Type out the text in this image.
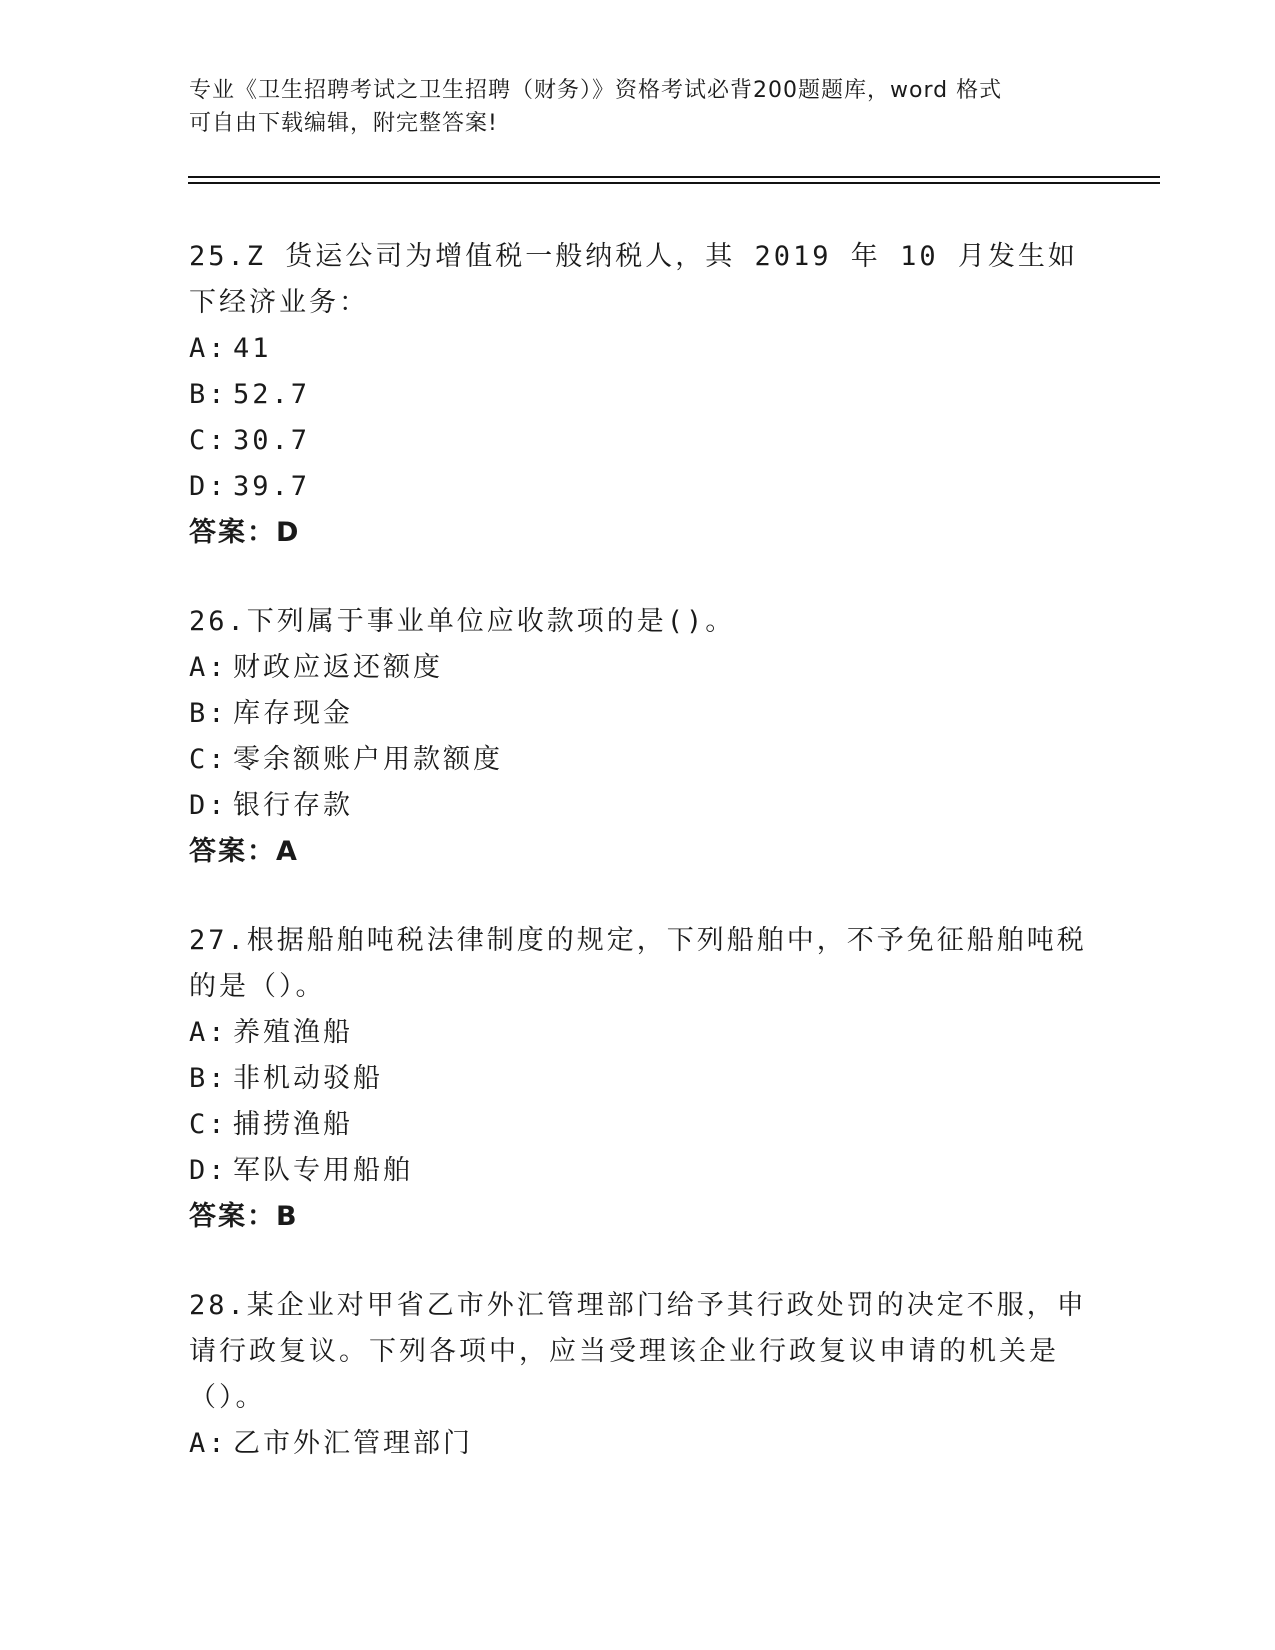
专业《卫生招聘考试之卫生招聘（财务）》资格考试必背200题题库，word 格式
可自由下载编辑，附完整答案!

25.Z 货运公司为增值税一般纳税人，其 2019 年 10 月发生如下经济业务：

A: 41

B: 52.7

C: 30.7

D: 39.7

答案：D

26.下列属于事业单位应收款项的是()。

A: 财政应返还额度

B: 库存现金

C: 零余额账户用款额度

D: 银行存款

答案：A

27.根据船舶吨税法律制度的规定，下列船舶中，不予免征船舶吨税的是（）。

A: 养殖渔船

B: 非机动驳船

C: 捕捞渔船

D: 军队专用船舶

答案：B

28.某企业对甲省乙市外汇管理部门给予其行政处罚的决定不服，申请行政复议。下列各项中，应当受理该企业行政复议申请的机关是（）。

A: 乙市外汇管理部门
